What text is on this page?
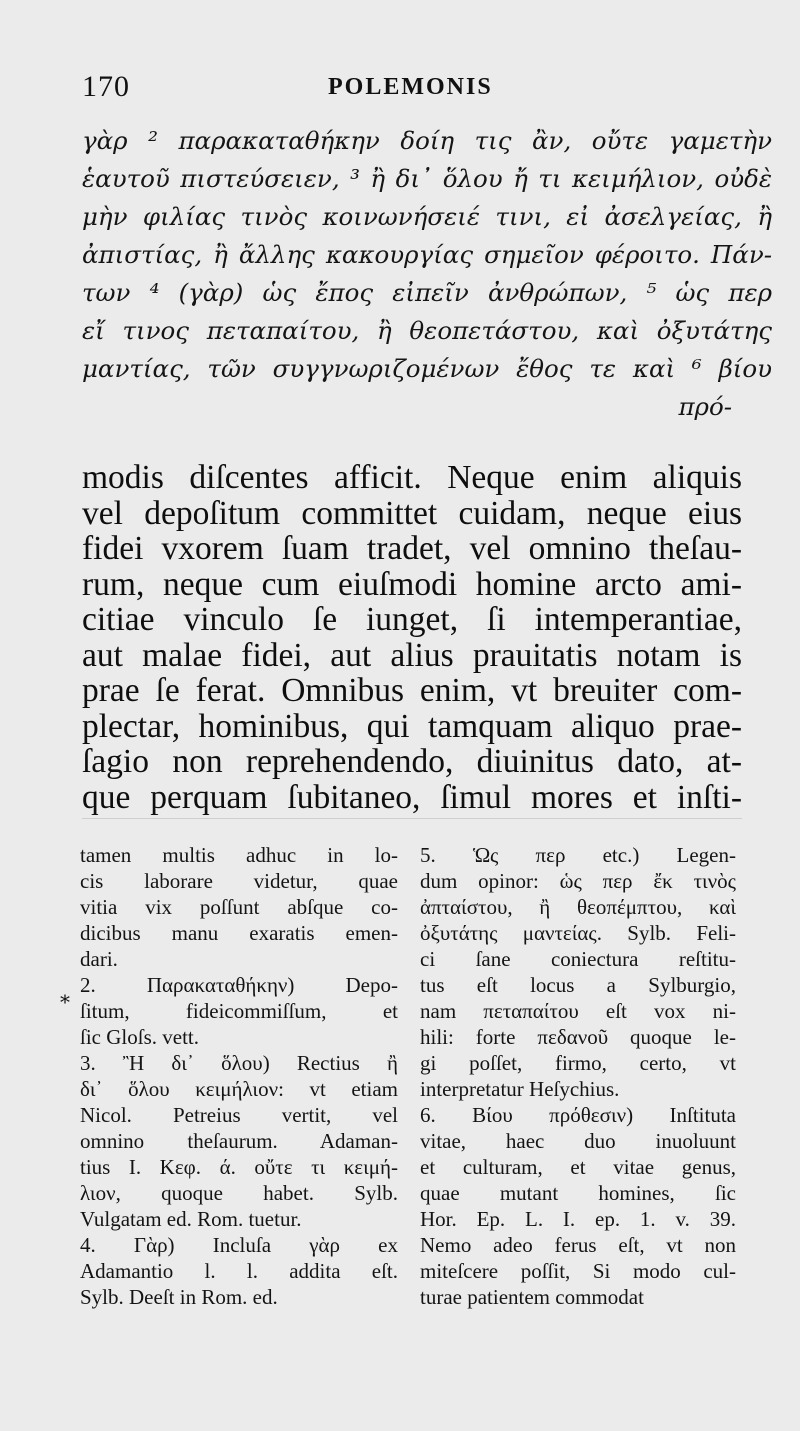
170	POLEMONIS
γὰρ ² παρακαταθήκην δοίη τις ἂν, οὔτε γαμετὴν
ἑαυτοῦ πιστεύσειεν, ³ ἢ δι᾽ ὅλου ἤ τι κειμήλιον, οὐδὲ
μὴν φιλίας τινὸς κοινωνήσειέ τινι, εἰ ἀσελγείας, ἢ
ἀπιστίας, ἢ ἄλλης κακουργίας σημεῖον φέροιτο. Πάν-
των ⁴ (γὰρ) ὡς ἔπος εἰπεῖν ἀνθρώπων, ⁵ ὡς περ
εἴ τινος πεταπαίτου, ἢ θεοπετάστου, καὶ ὀξυτάτης
μαντίας, τῶν συγγνωριζομένων ἔθος τε καὶ ⁶ βίου
πρό-
modis diſcentes afficit. Neque enim aliquis
vel depoſitum committet cuidam, neque eius
fidei vxorem ſuam tradet, vel omnino theſau-
rum, neque cum eiuſmodi homine arcto ami-
citiae vinculo ſe iunget, ſi intemperantiae,
aut malae fidei, aut alius prauitatis notam is
prae ſe ferat. Omnibus enim, vt breuiter com-
plectar, hominibus, qui tamquam aliquo prae-
ſagio non reprehendendo, diuinitus dato, at-
que perquam ſubitaneo, ſimul mores et inſti-
*
tamen multis adhuc in lo-
cis laborare videtur, quae
vitia vix poſſunt abſque co-
dicibus manu exaratis emen-
dari.
2. Παρακαταθήκην) Depo-
ſitum, fideicommiſſum, et
ſic Gloſs. vett.
3. Ἢ δι᾽ ὅλου) Rectius ἢ
δι᾽ ὅλου κειμήλιον: vt etiam
Nicol. Petreius vertit, vel
omnino theſaurum. Adaman-
tius I. Κεφ. ά. οὔτε τι κειμή-
λιον, quoque habet. Sylb.
Vulgatam ed. Rom. tuetur.
4. Γὰρ) Incluſa γὰρ ex
Adamantio l. l. addita eſt.
Sylb. Deeſt in Rom. ed.
5. Ὡς περ etc.) Legen-
dum opinor: ὡς περ ἔκ τινὸς
ἀπταίστου, ἢ θεοπέμπτου, καὶ
ὀξυτάτης μαντείας. Sylb. Feli-
ci ſane coniectura reſtitu-
tus eſt locus a Sylburgio,
nam πεταπαίτου eſt vox ni-
hili: forte πεδανοῦ quoque le-
gi poſſet, firmo, certo, vt
interpretatur Heſychius.
6. Βίου πρόθεσιν) Inſtituta
vitae, haec duo inuoluunt
et culturam, et vitae genus,
quae mutant homines, ſic
Hor. Ep. L. I. ep. 1. v. 39.
Nemo adeo ferus eſt, vt non
miteſcere poſſit, Si modo cul-
turae patientem commodat
